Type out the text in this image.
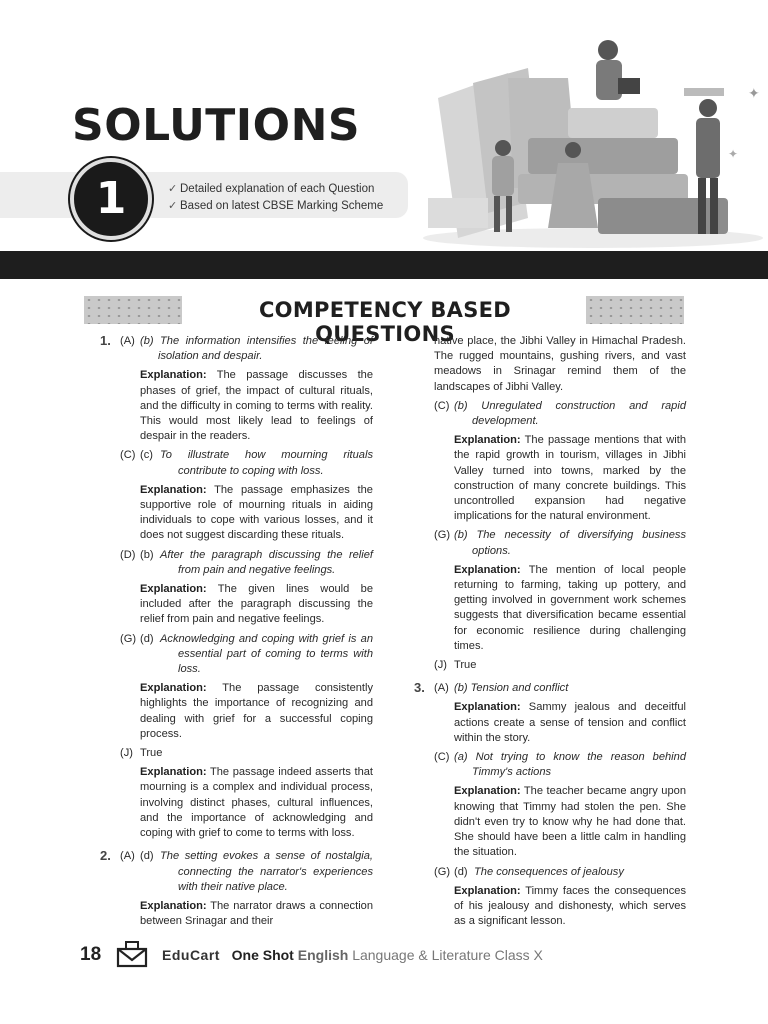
SOLUTIONS
✦
✦
1	✓ Detailed explanation of each Question
✓ Based on latest CBSE Marking Scheme
COMPETENCY BASED QUESTIONS
1. (A) (b) The information intensifies the feeling of isolation and despair.
Explanation: The passage discusses the phases of grief, the impact of cultural rituals, and the difficulty in coming to terms with reality. This would most likely lead to feelings of despair in the readers.
(C) (c) To illustrate how mourning rituals contribute to coping with loss.
Explanation: The passage emphasizes the supportive role of mourning rituals in aiding individuals to cope with various losses, and it does not suggest discarding these rituals.
(D) (b) After the paragraph discussing the relief from pain and negative feelings.
Explanation: The given lines would be included after the paragraph discussing the relief from pain and negative feelings.
(G) (d) Acknowledging and coping with grief is an essential part of coming to terms with loss.
Explanation: The passage consistently highlights the importance of recognizing and dealing with grief for a successful coping process.
(J) True
Explanation: The passage indeed asserts that mourning is a complex and individual process, involving distinct phases, cultural influences, and the importance of acknowledging and coping with grief to come to terms with loss.
2. (A) (d) The setting evokes a sense of nostalgia, connecting the narrator's experiences with their native place.
Explanation: The narrator draws a connection between Srinagar and their
native place, the Jibhi Valley in Himachal Pradesh. The rugged mountains, gushing rivers, and vast meadows in Srinagar remind them of the landscapes of Jibhi Valley.
(C) (b) Unregulated construction and rapid development.
Explanation: The passage mentions that with the rapid growth in tourism, villages in Jibhi Valley turned into towns, marked by the construction of many concrete buildings. This uncontrolled expansion had negative implications for the natural environment.
(G) (b) The necessity of diversifying business options.
Explanation: The mention of local people returning to farming, taking up pottery, and getting involved in government work schemes suggests that diversification became essential for economic resilience during challenging times.
(J) True
3. (A) (b) Tension and conflict
Explanation: Sammy jealous and deceitful actions create a sense of tension and conflict within the story.
(C) (a) Not trying to know the reason behind Timmy's actions
Explanation: The teacher became angry upon knowing that Timmy had stolen the pen. She didn't even try to know why he had done that. She should have been a little calm in handling the situation.
(G) (d) The consequences of jealousy
Explanation: Timmy faces the consequences of his jealousy and dishonesty, which serves as a significant lesson.
18	EduCart One Shot English Language & Literature Class X
